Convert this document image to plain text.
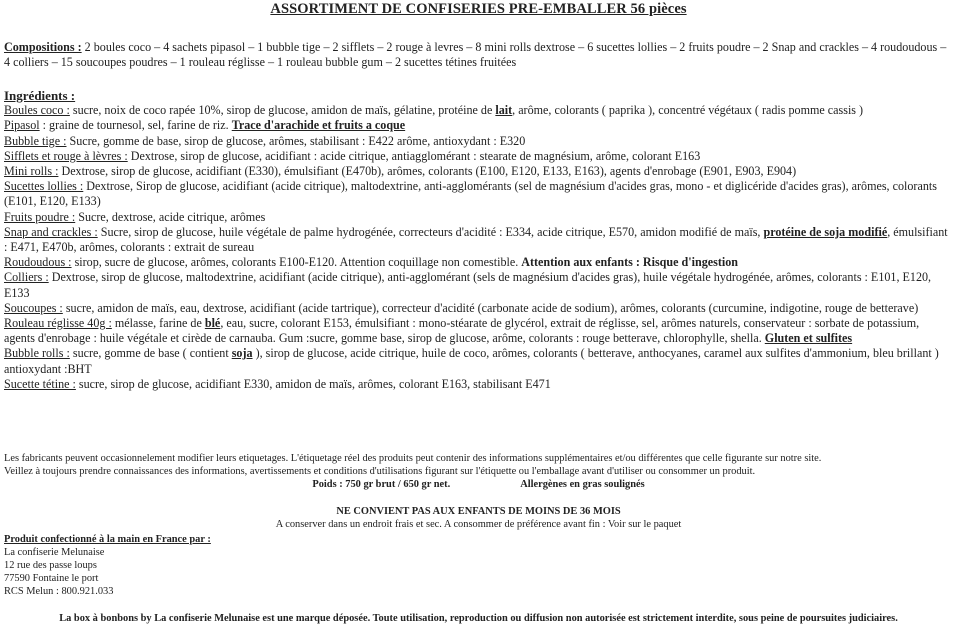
ASSORTIMENT DE CONFISERIES PRE-EMBALLER 56 pièces
Compositions : 2 boules coco – 4 sachets pipasol – 1 bubble tige – 2 sifflets – 2 rouge à levres – 8 mini rolls dextrose – 6 sucettes lollies – 2 fruits poudre – 2 Snap and crackles – 4 roudoudous – 4 colliers – 15 soucoupes poudres – 1 rouleau réglisse – 1 rouleau bubble gum – 2 sucettes tétines fruitées
Ingrédients :
Boules coco : sucre, noix de coco rapée 10%, sirop de glucose, amidon de maïs, gélatine, protéine de lait, arôme, colorants ( paprika ), concentré végétaux ( radis pomme cassis )
Pipasol : graine de tournesol, sel, farine de riz. Trace d'arachide et fruits a coque
Bubble tige : Sucre, gomme de base, sirop de glucose, arômes, stabilisant : E422 arôme, antioxydant : E320
Sifflets et rouge à lèvres : Dextrose, sirop de glucose, acidifiant : acide citrique, antiagglomérant : stearate de magnésium, arôme, colorant E163
Mini rolls : Dextrose, sirop de glucose, acidifiant (E330), émulsifiant (E470b), arômes, colorants (E100, E120, E133, E163), agents d'enrobage (E901, E903, E904)
Sucettes lollies : Dextrose, Sirop de glucose, acidifiant (acide citrique), maltodextrine, anti-agglomérants (sel de magnésium d'acides gras, mono - et diglicéride d'acides gras), arômes, colorants (E101, E120, E133)
Fruits poudre : Sucre, dextrose, acide citrique, arômes
Snap and crackles : Sucre, sirop de glucose, huile végétale de palme hydrogénée, correcteurs d'acidité : E334, acide citrique, E570, amidon modifié de maïs, protéine de soja modifié, émulsifiant : E471, E470b, arômes, colorants : extrait de sureau
Roudoudous : sirop, sucre de glucose, arômes, colorants E100-E120. Attention coquillage non comestible. Attention aux enfants : Risque d'ingestion
Colliers : Dextrose, sirop de glucose, maltodextrine, acidifiant (acide citrique), anti-agglomérant (sels de magnésium d'acides gras), huile végétale hydrogénée, arômes, colorants : E101, E120, E133
Soucoupes : sucre, amidon de maïs, eau, dextrose, acidifiant (acide tartrique), correcteur d'acidité (carbonate acide de sodium), arômes, colorants (curcumine, indigotine, rouge de betterave)
Rouleau réglisse 40g : mélasse, farine de blé, eau, sucre, colorant E153, émulsifiant : mono-stéarate de glycérol, extrait de réglisse, sel, arômes naturels, conservateur : sorbate de potassium, agents d'enrobage : huile végétale et cirède de carnauba. Gum :sucre, gomme base, sirop de glucose, arôme, colorants : rouge betterave, chlorophylle, shella. Gluten et sulfites
Bubble rolls : sucre, gomme de base ( contient soja ), sirop de glucose, acide citrique, huile de coco, arômes, colorants ( betterave, anthocyanes, caramel aux sulfites d'ammonium, bleu brillant ) antioxydant :BHT
Sucette tétine : sucre, sirop de glucose, acidifiant E330, amidon de maïs, arômes, colorant E163, stabilisant E471
Les fabricants peuvent occasionnelement modifier leurs etiquetages. L'étiquetage réel des produits peut contenir des informations supplémentaires et/ou différentes que celle figurante sur notre site.
Veillez à toujours prendre connaissances des informations, avertissements et conditions d'utilisations figurant sur l'étiquette ou l'emballage avant d'utiliser ou consommer un produit.
Poids : 750 gr brut / 650 gr net.	Allergènes en gras soulignés
NE CONVIENT PAS AUX ENFANTS DE MOINS DE 36 MOIS
A conserver dans un endroit frais et sec. A consommer de préférence avant fin : Voir sur le paquet
Produit confectionné à la main en France par :
La confiserie Melunaise
12 rue des passe loups
77590 Fontaine le port
RCS Melun : 800.921.033
La box à bonbons by La confiserie Melunaise est une marque déposée. Toute utilisation, reproduction ou diffusion non autorisée est strictement interdite, sous peine de poursuites judiciaires.
